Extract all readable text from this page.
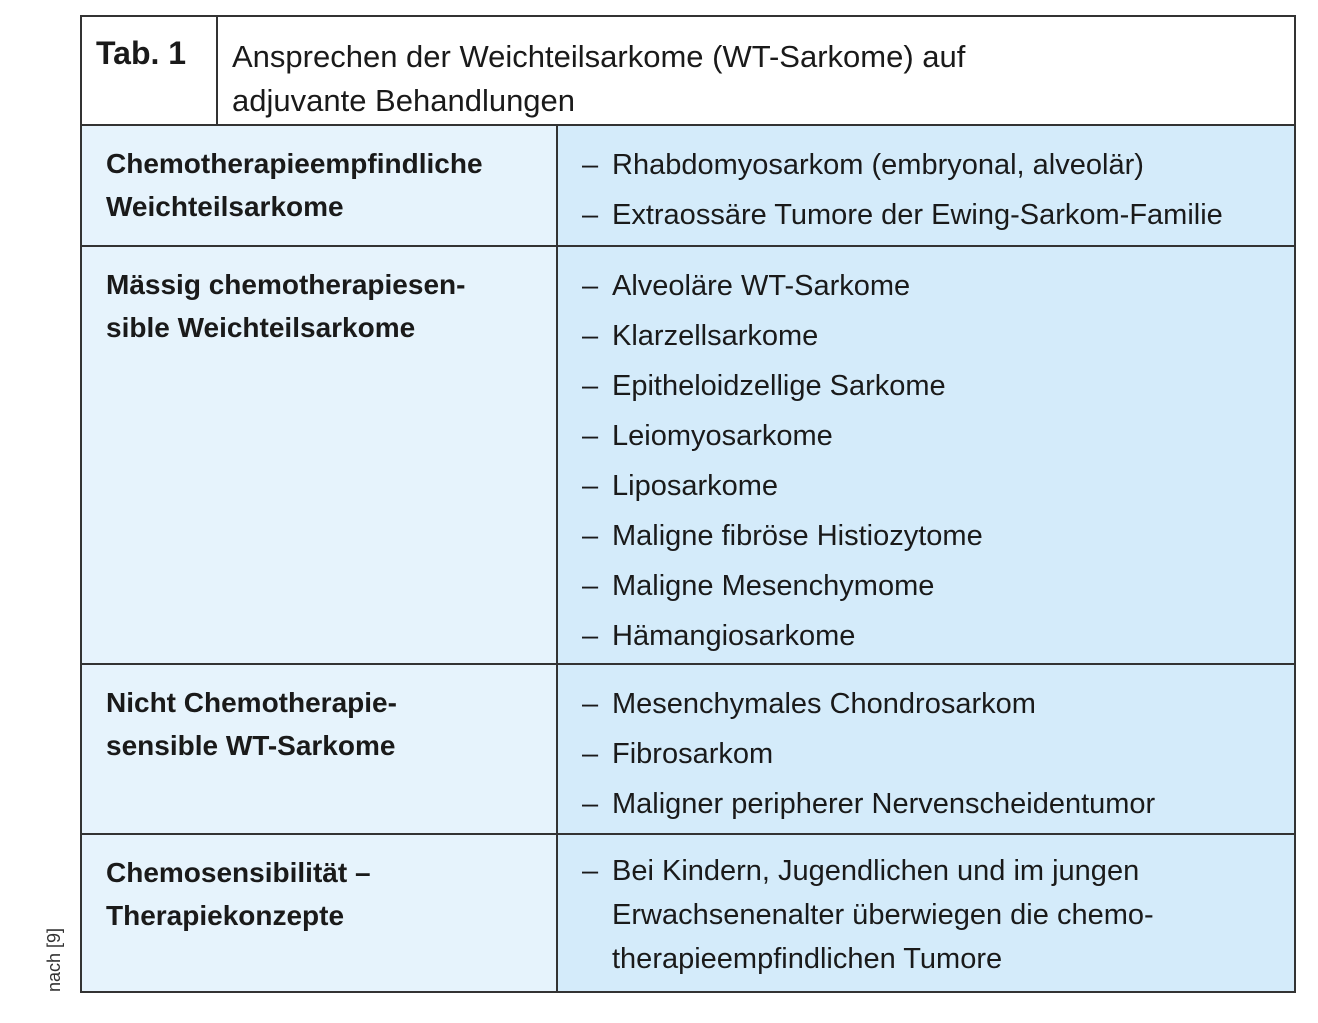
Tab. 1	Ansprechen der Weichteilsarkome (WT-Sarkome) auf
adjuvante Behandlungen
Chemotherapieempfindliche
Weichteilsarkome
– Rhabdomyosarkom (embryonal, alveolär)
– Extraossäre Tumore der Ewing-Sarkom-Familie
Mässig chemotherapiesen-
sible Weichteilsarkome
– Alveoläre WT-Sarkome
– Klarzellsarkome
– Epitheloidzellige Sarkome
– Leiomyosarkome
– Liposarkome
– Maligne fibröse Histiozytome
– Maligne Mesenchymome
– Hämangiosarkome
Nicht Chemotherapie-
sensible WT-Sarkome
– Mesenchymales Chondrosarkom
– Fibrosarkom
– Maligner peripherer Nervenscheidentumor
Chemosensibilität –
Therapiekonzepte
– Bei Kindern, Jugendlichen und im jungen
Erwachsenenalter überwiegen die chemo-
therapieempfindlichen Tumore
nach [9]
